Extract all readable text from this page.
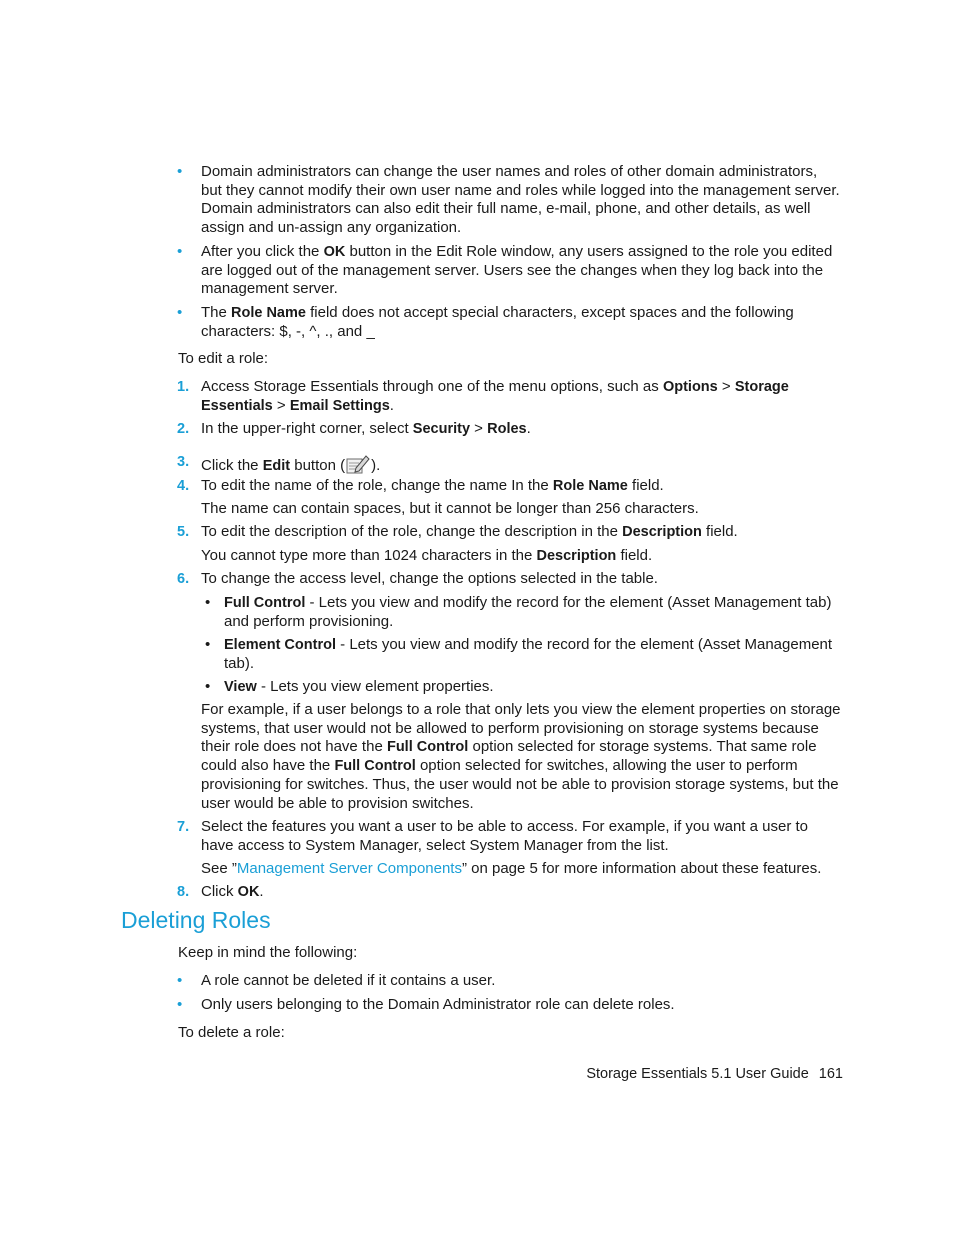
• Domain administrators can change the user names and roles of other domain administrators, but they cannot modify their own user name and roles while logged into the management server. Domain administrators can also edit their full name, e-mail, phone, and other details, as well assign and un-assign any organization.
• After you click the OK button in the Edit Role window, any users assigned to the role you edited are logged out of the management server. Users see the changes when they log back into the management server.
• The Role Name field does not accept special characters, except spaces and the following characters: $, -, ^, ., and _
To edit a role:
1. Access Storage Essentials through one of the menu options, such as Options > Storage Essentials > Email Settings.
2. In the upper-right corner, select Security > Roles.
3. Click the Edit button ( ).
4. To edit the name of the role, change the name In the Role Name field.
The name can contain spaces, but it cannot be longer than 256 characters.
5. To edit the description of the role, change the description in the Description field.
You cannot type more than 1024 characters in the Description field.
6. To change the access level, change the options selected in the table.
• Full Control - Lets you view and modify the record for the element (Asset Management tab) and perform provisioning.
• Element Control - Lets you view and modify the record for the element (Asset Management tab).
• View - Lets you view element properties.
For example, if a user belongs to a role that only lets you view the element properties on storage systems, that user would not be allowed to perform provisioning on storage systems because their role does not have the Full Control option selected for storage systems. That same role could also have the Full Control option selected for switches, allowing the user to perform provisioning for switches. Thus, the user would not be able to provision storage systems, but the user would be able to provision switches.
7. Select the features you want a user to be able to access. For example, if you want a user to have access to System Manager, select System Manager from the list.
See ”Management Server Components” on page 5 for more information about these features.
8. Click OK.
Deleting Roles
Keep in mind the following:
• A role cannot be deleted if it contains a user.
• Only users belonging to the Domain Administrator role can delete roles.
To delete a role:
Storage Essentials 5.1 User Guide 161
